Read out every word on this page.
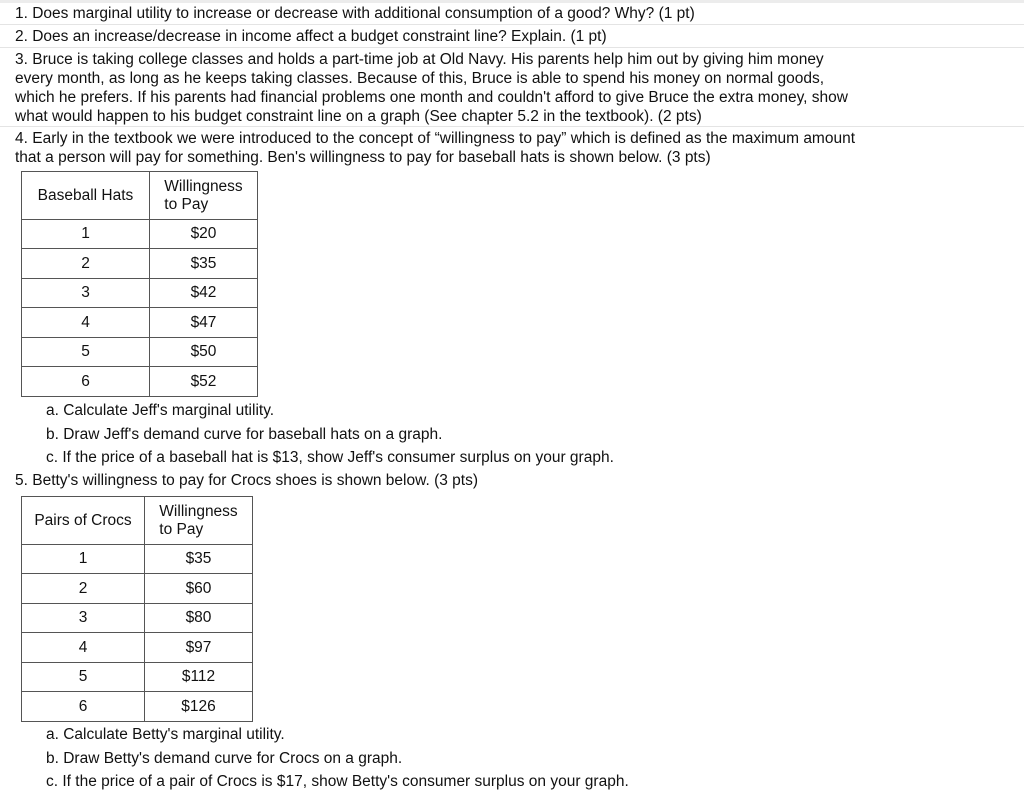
1. Does marginal utility to increase or decrease with additional consumption of a good? Why? (1 pt)
2. Does an increase/decrease in income affect a budget constraint line? Explain. (1 pt)
3. Bruce is taking college classes and holds a part-time job at Old Navy. His parents help him out by giving him money
every month, as long as he keeps taking classes. Because of this, Bruce is able to spend his money on normal goods,
which he prefers. If his parents had financial problems one month and couldn't afford to give Bruce the extra money, show
what would happen to his budget constraint line on a graph (See chapter 5.2 in the textbook). (2 pts)
4. Early in the textbook we were introduced to the concept of “willingness to pay” which is defined as the maximum amount
that a person will pay for something. Ben's willingness to pay for baseball hats is shown below. (3 pts)
Baseball Hats	Willingness
to Pay
1	$20
2	$35
3	$42
4	$47
5	$50
6	$52
a. Calculate Jeff's marginal utility.
b. Draw Jeff's demand curve for baseball hats on a graph.
c. If the price of a baseball hat is $13, show Jeff's consumer surplus on your graph.
5. Betty's willingness to pay for Crocs shoes is shown below. (3 pts)
Pairs of Crocs	Willingness
to Pay
1	$35
2	$60
3	$80
4	$97
5	$112
6	$126
a. Calculate Betty's marginal utility.
b. Draw Betty's demand curve for Crocs on a graph.
c. If the price of a pair of Crocs is $17, show Betty's consumer surplus on your graph.
